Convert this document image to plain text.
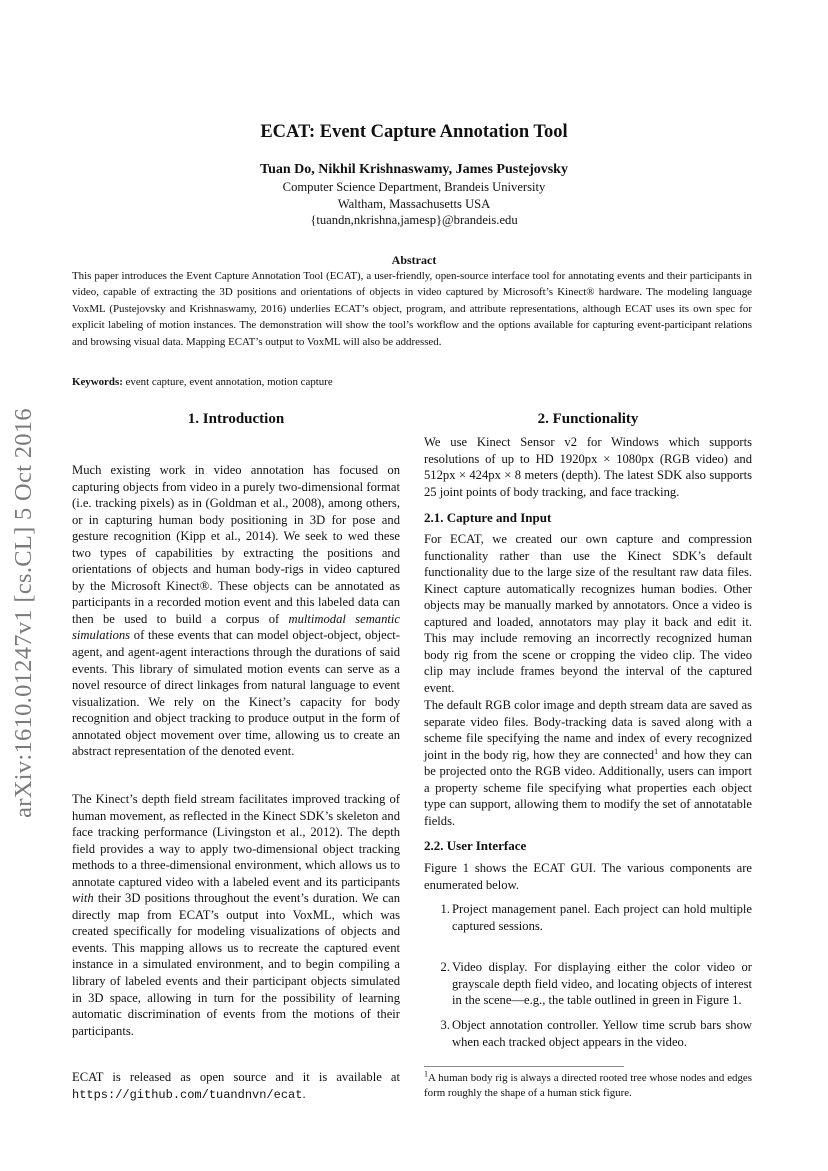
arXiv:1610.01247v1 [cs.CL] 5 Oct 2016
ECAT: Event Capture Annotation Tool
Tuan Do, Nikhil Krishnaswamy, James Pustejovsky
Computer Science Department, Brandeis University
Waltham, Massachusetts USA
{tuandn,nkrishna,jamesp}@brandeis.edu
Abstract
This paper introduces the Event Capture Annotation Tool (ECAT), a user-friendly, open-source interface tool for annotating events and their participants in video, capable of extracting the 3D positions and orientations of objects in video captured by Microsoft’s Kinect® hardware. The modeling language VoxML (Pustejovsky and Krishnaswamy, 2016) underlies ECAT’s object, program, and attribute representations, although ECAT uses its own spec for explicit labeling of motion instances. The demonstration will show the tool’s workflow and the options available for capturing event-participant relations and browsing visual data. Mapping ECAT’s output to VoxML will also be addressed.
Keywords: event capture, event annotation, motion capture
1. Introduction

Much existing work in video annotation has focused on capturing objects from video in a purely two-dimensional format (i.e. tracking pixels) as in (Goldman et al., 2008), among others, or in capturing human body positioning in 3D for pose and gesture recognition (Kipp et al., 2014). We seek to wed these two types of capabilities by extracting the positions and orientations of objects and human body-rigs in video captured by the Microsoft Kinect®. These objects can be annotated as participants in a recorded motion event and this labeled data can then be used to build a corpus of multimodal semantic simulations of these events that can model object-object, object-agent, and agent-agent interactions through the durations of said events. This library of simulated motion events can serve as a novel resource of direct linkages from natural language to event visualization. We rely on the Kinect’s capacity for body recognition and object tracking to produce output in the form of annotated object movement over time, allowing us to create an abstract representation of the denoted event.

The Kinect’s depth field stream facilitates improved tracking of human movement, as reflected in the Kinect SDK’s skeleton and face tracking performance (Livingston et al., 2012). The depth field provides a way to apply two-dimensional object tracking methods to a three-dimensional environment, which allows us to annotate captured video with a labeled event and its participants with their 3D positions throughout the event’s duration. We can directly map from ECAT’s output into VoxML, which was created specifically for modeling visualizations of objects and events. This mapping allows us to recreate the captured event instance in a simulated environment, and to begin compiling a library of labeled events and their participant objects simulated in 3D space, allowing in turn for the possibility of learning automatic discrimination of events from the motions of their participants.

ECAT is released as open source and it is available at https://github.com/tuandnvn/ecat.

2. Functionality

We use Kinect Sensor v2 for Windows which supports resolutions of up to HD 1920px × 1080px (RGB video) and 512px × 424px × 8 meters (depth). The latest SDK also supports 25 joint points of body tracking, and face tracking.

2.1. Capture and Input

For ECAT, we created our own capture and compression functionality rather than use the Kinect SDK’s default functionality due to the large size of the resultant raw data files. Kinect capture automatically recognizes human bodies. Other objects may be manually marked by annotators. Once a video is captured and loaded, annotators may play it back and edit it. This may include removing an incorrectly recognized human body rig from the scene or cropping the video clip. The video clip may include frames beyond the interval of the captured event.

The default RGB color image and depth stream data are saved as separate video files. Body-tracking data is saved along with a scheme file specifying the name and index of every recognized joint in the body rig, how they are connected$^1$ and how they can be projected onto the RGB video. Additionally, users can import a property scheme file specifying what properties each object type can support, allowing them to modify the set of annotatable fields.

2.2. User Interface

Figure 1 shows the ECAT GUI. The various components are enumerated below.

1. Project management panel. Each project can hold multiple captured sessions.
2. Video display. For displaying either the color video or grayscale depth field video, and locating objects of interest in the scene—e.g., the table outlined in green in Figure 1.
3. Object annotation controller. Yellow time scrub bars show when each tracked object appears in the video.
$^1$A human body rig is always a directed rooted tree whose nodes and edges form roughly the shape of a human stick figure.
